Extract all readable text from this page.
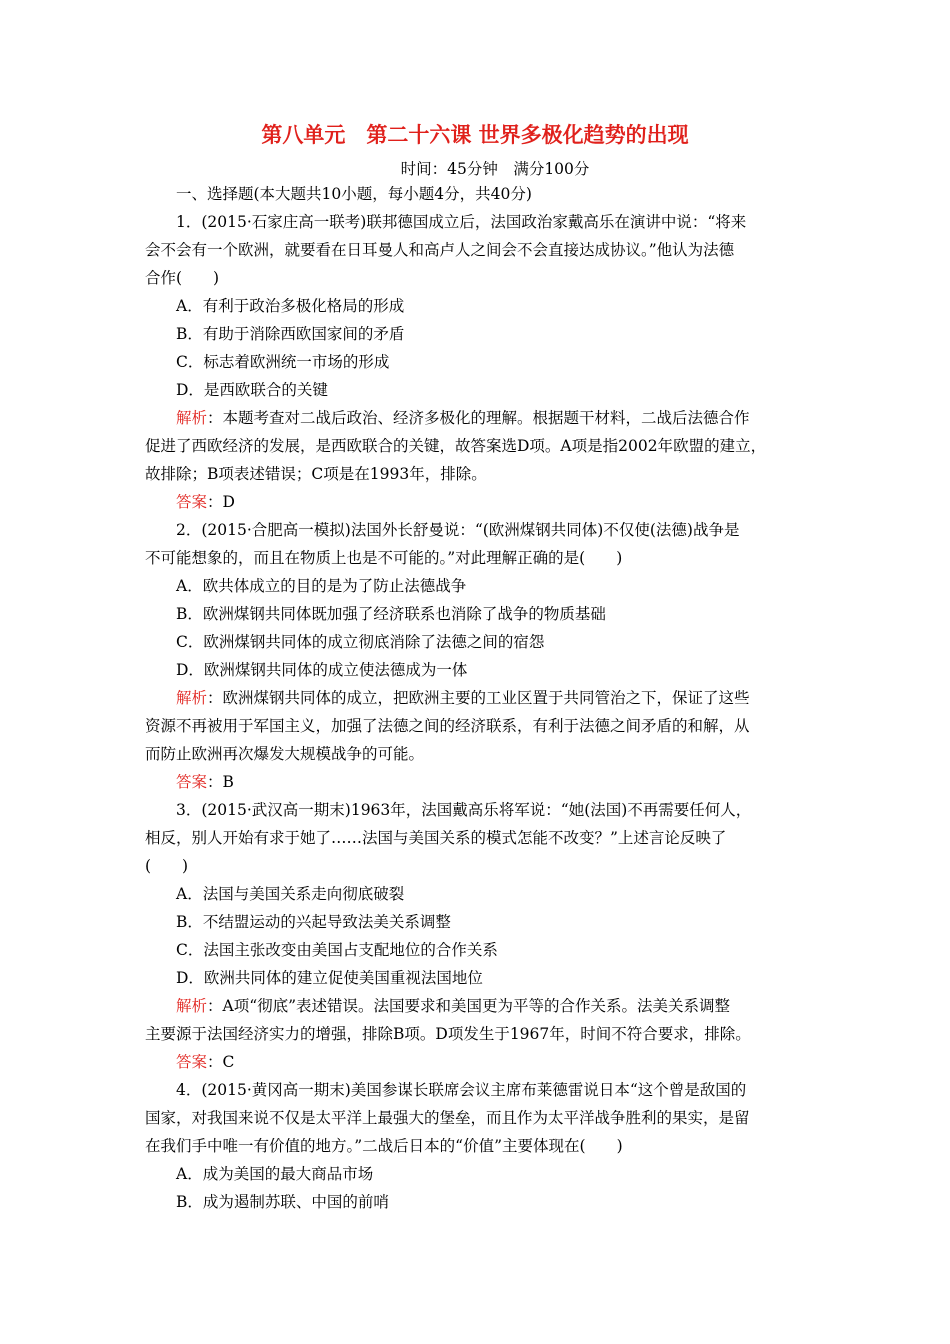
第八单元　第二十六课 世界多极化趋势的出现
时间：45分钟　满分100分
一、选择题(本大题共10小题，每小题4分，共40分)
1．(2015·石家庄高一联考)联邦德国成立后，法国政治家戴高乐在演讲中说：“将来
会不会有一个欧洲，就要看在日耳曼人和高卢人之间会不会直接达成协议。”他认为法德
合作(　　)
A．有利于政治多极化格局的形成
B．有助于消除西欧国家间的矛盾
C．标志着欧洲统一市场的形成
D．是西欧联合的关键
解析：本题考查对二战后政治、经济多极化的理解。根据题干材料，二战后法德合作
促进了西欧经济的发展，是西欧联合的关键，故答案选D项。A项是指2002年欧盟的建立，
故排除；B项表述错误；C项是在1993年，排除。
答案：D
2．(2015·合肥高一模拟)法国外长舒曼说：“(欧洲煤钢共同体)不仅使(法德)战争是
不可能想象的，而且在物质上也是不可能的。”对此理解正确的是(　　)
A．欧共体成立的目的是为了防止法德战争
B．欧洲煤钢共同体既加强了经济联系也消除了战争的物质基础
C．欧洲煤钢共同体的成立彻底消除了法德之间的宿怨
D．欧洲煤钢共同体的成立使法德成为一体
解析：欧洲煤钢共同体的成立，把欧洲主要的工业区置于共同管治之下，保证了这些
资源不再被用于军国主义，加强了法德之间的经济联系，有利于法德之间矛盾的和解，从
而防止欧洲再次爆发大规模战争的可能。
答案：B
3．(2015·武汉高一期末)1963年，法国戴高乐将军说：“她(法国)不再需要任何人，
相反，别人开始有求于她了……法国与美国关系的模式怎能不改变？”上述言论反映了
(　　)
A．法国与美国关系走向彻底破裂
B．不结盟运动的兴起导致法美关系调整
C．法国主张改变由美国占支配地位的合作关系
D．欧洲共同体的建立促使美国重视法国地位
解析：A项“彻底”表述错误。法国要求和美国更为平等的合作关系。法美关系调整
主要源于法国经济实力的增强，排除B项。D项发生于1967年，时间不符合要求，排除。
答案：C
4．(2015·黄冈高一期末)美国参谋长联席会议主席布莱德雷说日本“这个曾是敌国的
国家，对我国来说不仅是太平洋上最强大的堡垒，而且作为太平洋战争胜利的果实，是留
在我们手中唯一有价值的地方。”二战后日本的“价值”主要体现在(　　)
A．成为美国的最大商品市场
B．成为遏制苏联、中国的前哨
